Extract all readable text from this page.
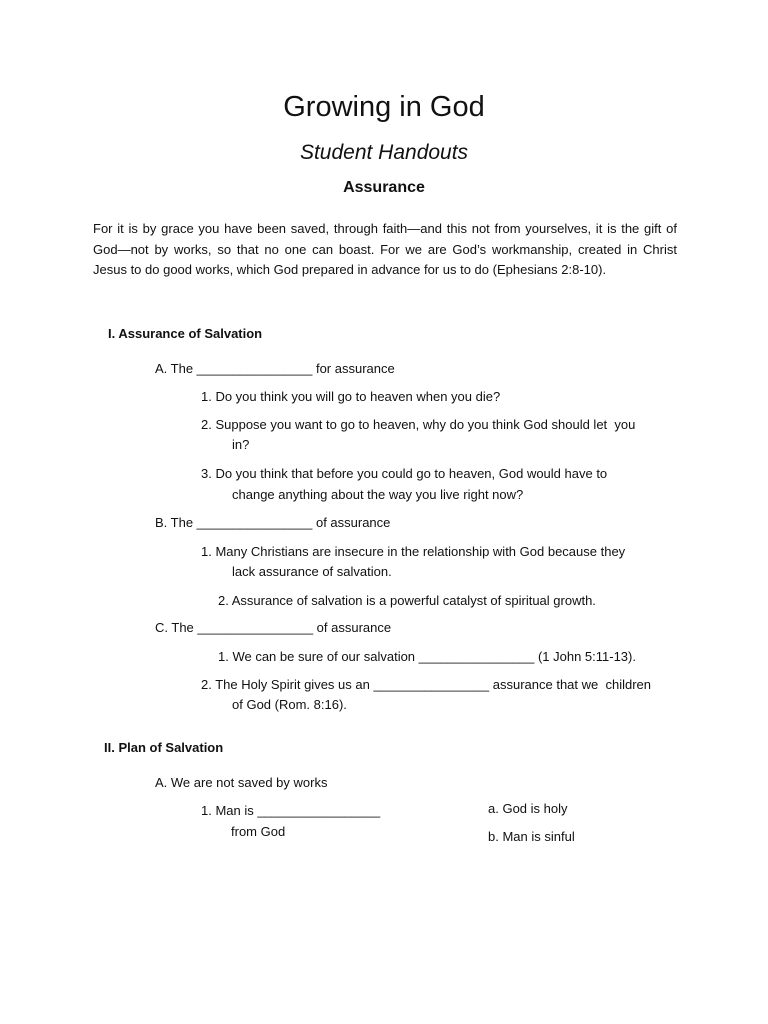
Growing in God
Student Handouts
Assurance
For it is by grace you have been saved, through faith—and this not from yourselves, it is the gift of God—not by works, so that no one can boast. For we are God’s workmanship, created in Christ Jesus to do good works, which God prepared in advance for us to do (Ephesians 2:8-10).
I. Assurance of Salvation
A. The ________________ for assurance
1. Do you think you will go to heaven when you die?
2. Suppose you want to go to heaven, why do you think God should let  you
in?
3. Do you think that before you could go to heaven, God would have to
change anything about the way you live right now?
B. The ________________ of assurance
1. Many Christians are insecure in the relationship with God because they
lack assurance of salvation.
2. Assurance of salvation is a powerful catalyst of spiritual growth.
C. The ________________ of assurance
1. We can be sure of our salvation ________________ (1 John 5:11-13).
2. The Holy Spirit gives us an ________________ assurance that we  children
of God (Rom. 8:16).
II. Plan of Salvation
A. We are not saved by works
1. Man is _________________
from God
a. God is holy
b. Man is sinful
